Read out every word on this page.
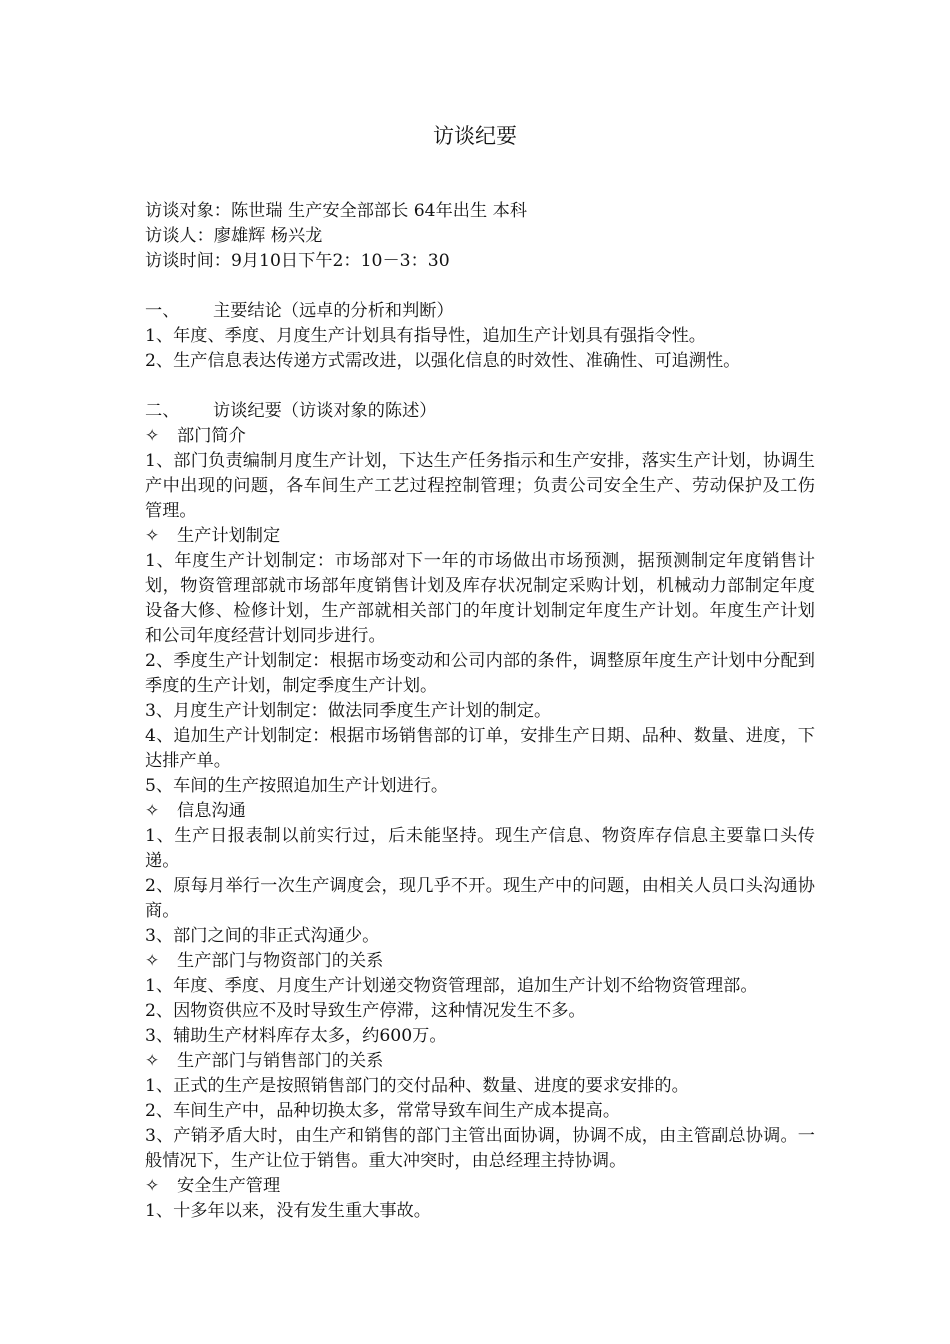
访谈纪要
访谈对象：陈世瑞 生产安全部部长 64年出生 本科
访谈人：廖雄辉 杨兴龙
访谈时间：9月10日下午2：10－3：30
一、 主要结论（远卓的分析和判断）
1、年度、季度、月度生产计划具有指导性，追加生产计划具有强指令性。
2、生产信息表达传递方式需改进，以强化信息的时效性、准确性、可追溯性。
二、 访谈纪要（访谈对象的陈述）
✧ 部门简介

1、部门负责编制月度生产计划，下达生产任务指示和生产安排，落实生产计划，协调生产中出现的问题，各车间生产工艺过程控制管理；负责公司安全生产、劳动保护及工伤管理。

✧ 生产计划制定

1、年度生产计划制定：市场部对下一年的市场做出市场预测，据预测制定年度销售计划，物资管理部就市场部年度销售计划及库存状况制定采购计划，机械动力部制定年度设备大修、检修计划，生产部就相关部门的年度计划制定年度生产计划。年度生产计划和公司年度经营计划同步进行。

2、季度生产计划制定：根据市场变动和公司内部的条件，调整原年度生产计划中分配到季度的生产计划，制定季度生产计划。

3、月度生产计划制定：做法同季度生产计划的制定。

4、追加生产计划制定：根据市场销售部的订单，安排生产日期、品种、数量、进度，下达排产单。

5、车间的生产按照追加生产计划进行。

✧ 信息沟通

1、生产日报表制以前实行过，后未能坚持。现生产信息、物资库存信息主要靠口头传递。

2、原每月举行一次生产调度会，现几乎不开。现生产中的问题，由相关人员口头沟通协商。

3、部门之间的非正式沟通少。

✧ 生产部门与物资部门的关系

1、年度、季度、月度生产计划递交物资管理部，追加生产计划不给物资管理部。

2、因物资供应不及时导致生产停滞，这种情况发生不多。

3、辅助生产材料库存太多，约600万。

✧ 生产部门与销售部门的关系

1、正式的生产是按照销售部门的交付品种、数量、进度的要求安排的。

2、车间生产中，品种切换太多，常常导致车间生产成本提高。

3、产销矛盾大时，由生产和销售的部门主管出面协调，协调不成，由主管副总协调。一般情况下，生产让位于销售。重大冲突时，由总经理主持协调。

✧ 安全生产管理

1、十多年以来，没有发生重大事故。
